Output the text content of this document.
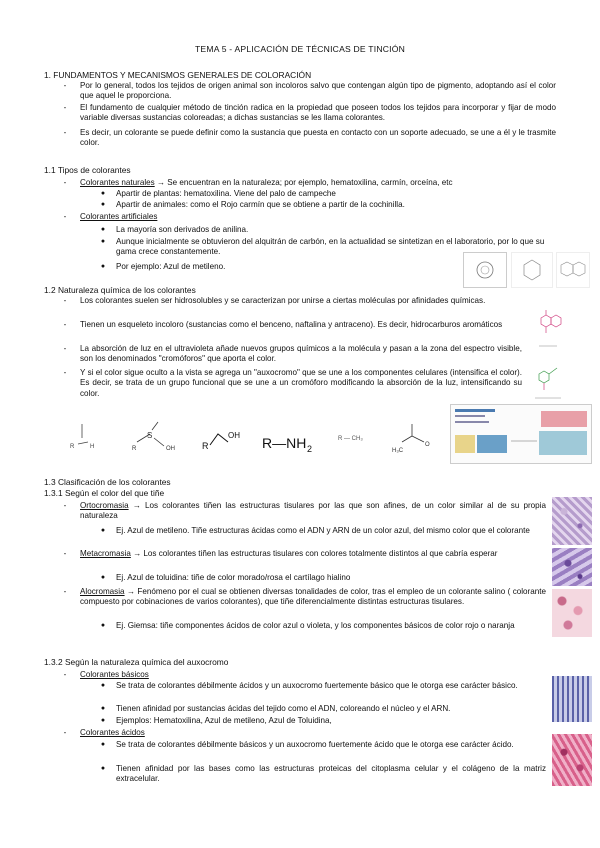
TEMA 5 - APLICACIÓN DE TÉCNICAS DE TINCIÓN
1. FUNDAMENTOS Y MECANISMOS GENERALES DE COLORACIÓN
-	Por lo general, todos los tejidos de origen animal son incoloros salvo que contengan algún tipo de pigmento, adoptando así el color que aquel le proporciona.
-	El fundamento de cualquier método de tinción radica en la propiedad que poseen todos los tejidos para incorporar y fijar de modo variable diversas sustancias coloreadas; a dichas sustancias se les llama colorantes.
-	Es decir, un colorante se puede definir como la sustancia que puesta en contacto con un soporte adecuado, se une a él y le trasmite color.
1.1 Tipos de colorantes
-	Colorantes naturales → Se encuentran en la naturaleza; por ejemplo, hematoxilina, carmín, orceína, etc
● Apartir de plantas: hematoxilina. Viene del palo de campeche
● Apartir de animales: como el Rojo carmín que se obtiene a partir de la cochinilla.
-	Colorantes artificiales
● La mayoría son derivados de anilina.
● Aunque inicialmente se obtuvieron del alquitrán de carbón, en la actualidad se sintetizan en el laboratorio, por lo que su gama crece constantemente.
● Por ejemplo: Azul de metileno.
1.2 Naturaleza química de los colorantes
-	Los colorantes suelen ser hidrosolubles y se caracterizan por unirse a ciertas moléculas por afinidades químicas.
-	Tienen un esqueleto incoloro (sustancias como el benceno, naftalina y antraceno). Es decir, hidrocarburos aromáticos
-	La absorción de luz en el ultravioleta añade nuevos grupos químicos a la molécula y pasan a la zona del espectro visible, son los denominados "cromóforos" que aporta el color.
-	Y si el color sigue oculto a la vista se agrega un "auxocromo" que se une a los componentes celulares (intensifica el color). Es decir, se trata de un grupo funcional que se une a un cromóforo modificando la absorción de la luz, intensificando su color.
R	H
S
OH
R	R
OH R—NH 2
R — CH₃
H₃C
O
1.3 Clasificación de los colorantes
1.3.1 Según el color del que tiñe
-	Ortocromasia → Los colorantes tiñen las estructuras tisulares por las que son afines, de un color similar al de su propia naturaleza
● Ej. Azul de metileno. Tiñe estructuras ácidas como el ADN y ARN de un color azul, del mismo color que el colorante
-	Metacromasia → Los colorantes tiñen las estructuras tisulares con colores totalmente distintos al que cabría esperar
● Ej. Azul de toluidina: tiñe de color morado/rosa el cartílago hialino
-	Alocromasia → Fenómeno por el cual se obtienen diversas tonalidades de color, tras el empleo de un colorante salino ( colorante compuesto por cobinaciones de varios colorantes), que tiñe diferencialmente distintas estructuras tisulares.
● Ej. Giemsa: tiñe componentes ácidos de color azul o violeta, y los componentes básicos de color rojo o naranja
1.3.2 Según la naturaleza química del auxocromo
-	Colorantes básicos
● Se trata de colorantes débilmente ácidos y un auxocromo fuertemente básico que le otorga ese carácter básico.
● Tienen afinidad por sustancias ácidas del tejido como el ADN, coloreando el núcleo y el ARN.
● Ejemplos: Hematoxilina, Azul de metileno, Azul de Toluidina,
-	Colorantes ácidos
● Se trata de colorantes débilmente básicos y un auxocromo fuertemente ácido que le otorga ese carácter ácido.
● Tienen afinidad por las bases como las estructuras proteicas del citoplasma celular y el colágeno de la matriz extracelular.
